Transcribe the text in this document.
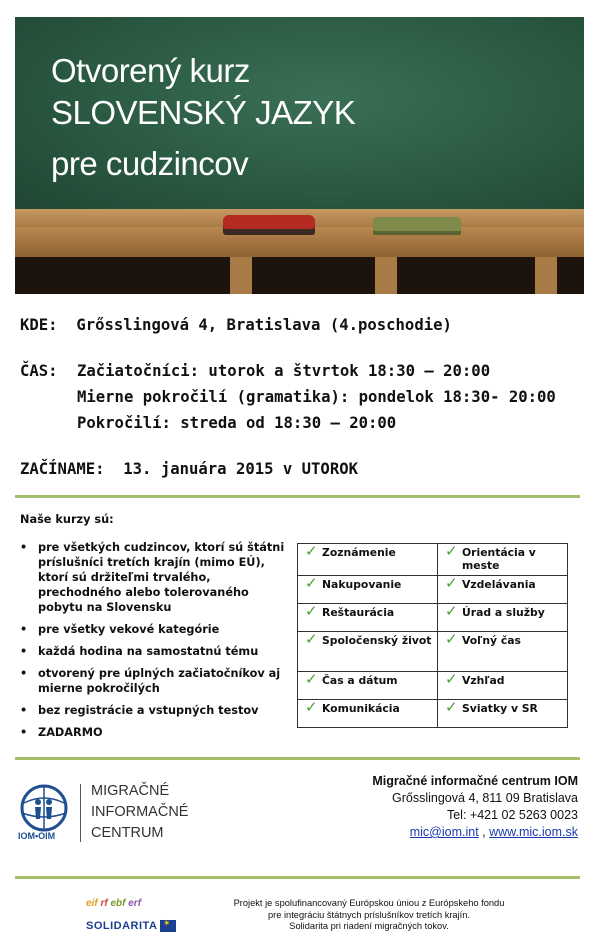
Otvorený kurz
SLOVENSKÝ JAZYK
pre cudzincov
KDE: Grősslingová 4, Bratislava (4.poschodie)
ČAS: Začiatočníci: utorok a štvrtok 18:30 – 20:00
Mierne pokročilí (gramatika): pondelok 18:30- 20:00
Pokročilí: streda od 18:30 – 20:00
ZAČÍNAME: 13. januára 2015 v UTOROK
Naše kurzy sú:
• pre všetkých cudzincov, ktorí sú štátni príslušníci tretích krajín (mimo EÚ), ktorí sú držiteľmi trvalého, prechodného alebo tolerovaného pobytu na Slovensku
• pre všetky vekové kategórie
• každá hodina na samostatnú tému
• otvorený pre úplných začiatočníkov aj mierne pokročilých
• bez registrácie a vstupných testov
• ZADARMO
✓ Zoznámenie	✓ Orientácia v meste

✓ Nakupovanie	✓ Vzdelávania

✓ Reštaurácia	✓ Úrad a služby

✓ Spoločenský život	✓ Voľný čas

✓ Čas a dátum	✓ Vzhľad

✓ Komunikácia	✓ Sviatky v SR
IOM•OIM
MIGRAČNÉ
INFORMAČNÉ
CENTRUM
Migračné informačné centrum IOM
Grősslingová 4, 811 09 Bratislava
Tel: +421 02 5263 0023
mic@iom.int , www.mic.iom.sk
eif rf ebf erf
SOLIDARITA ✶
Projekt je spolufinancovaný Európskou úniou z Európskeho fondu
pre integráciu štátnych príslušníkov tretích krajín.
Solidarita pri riadení migračných tokov.
